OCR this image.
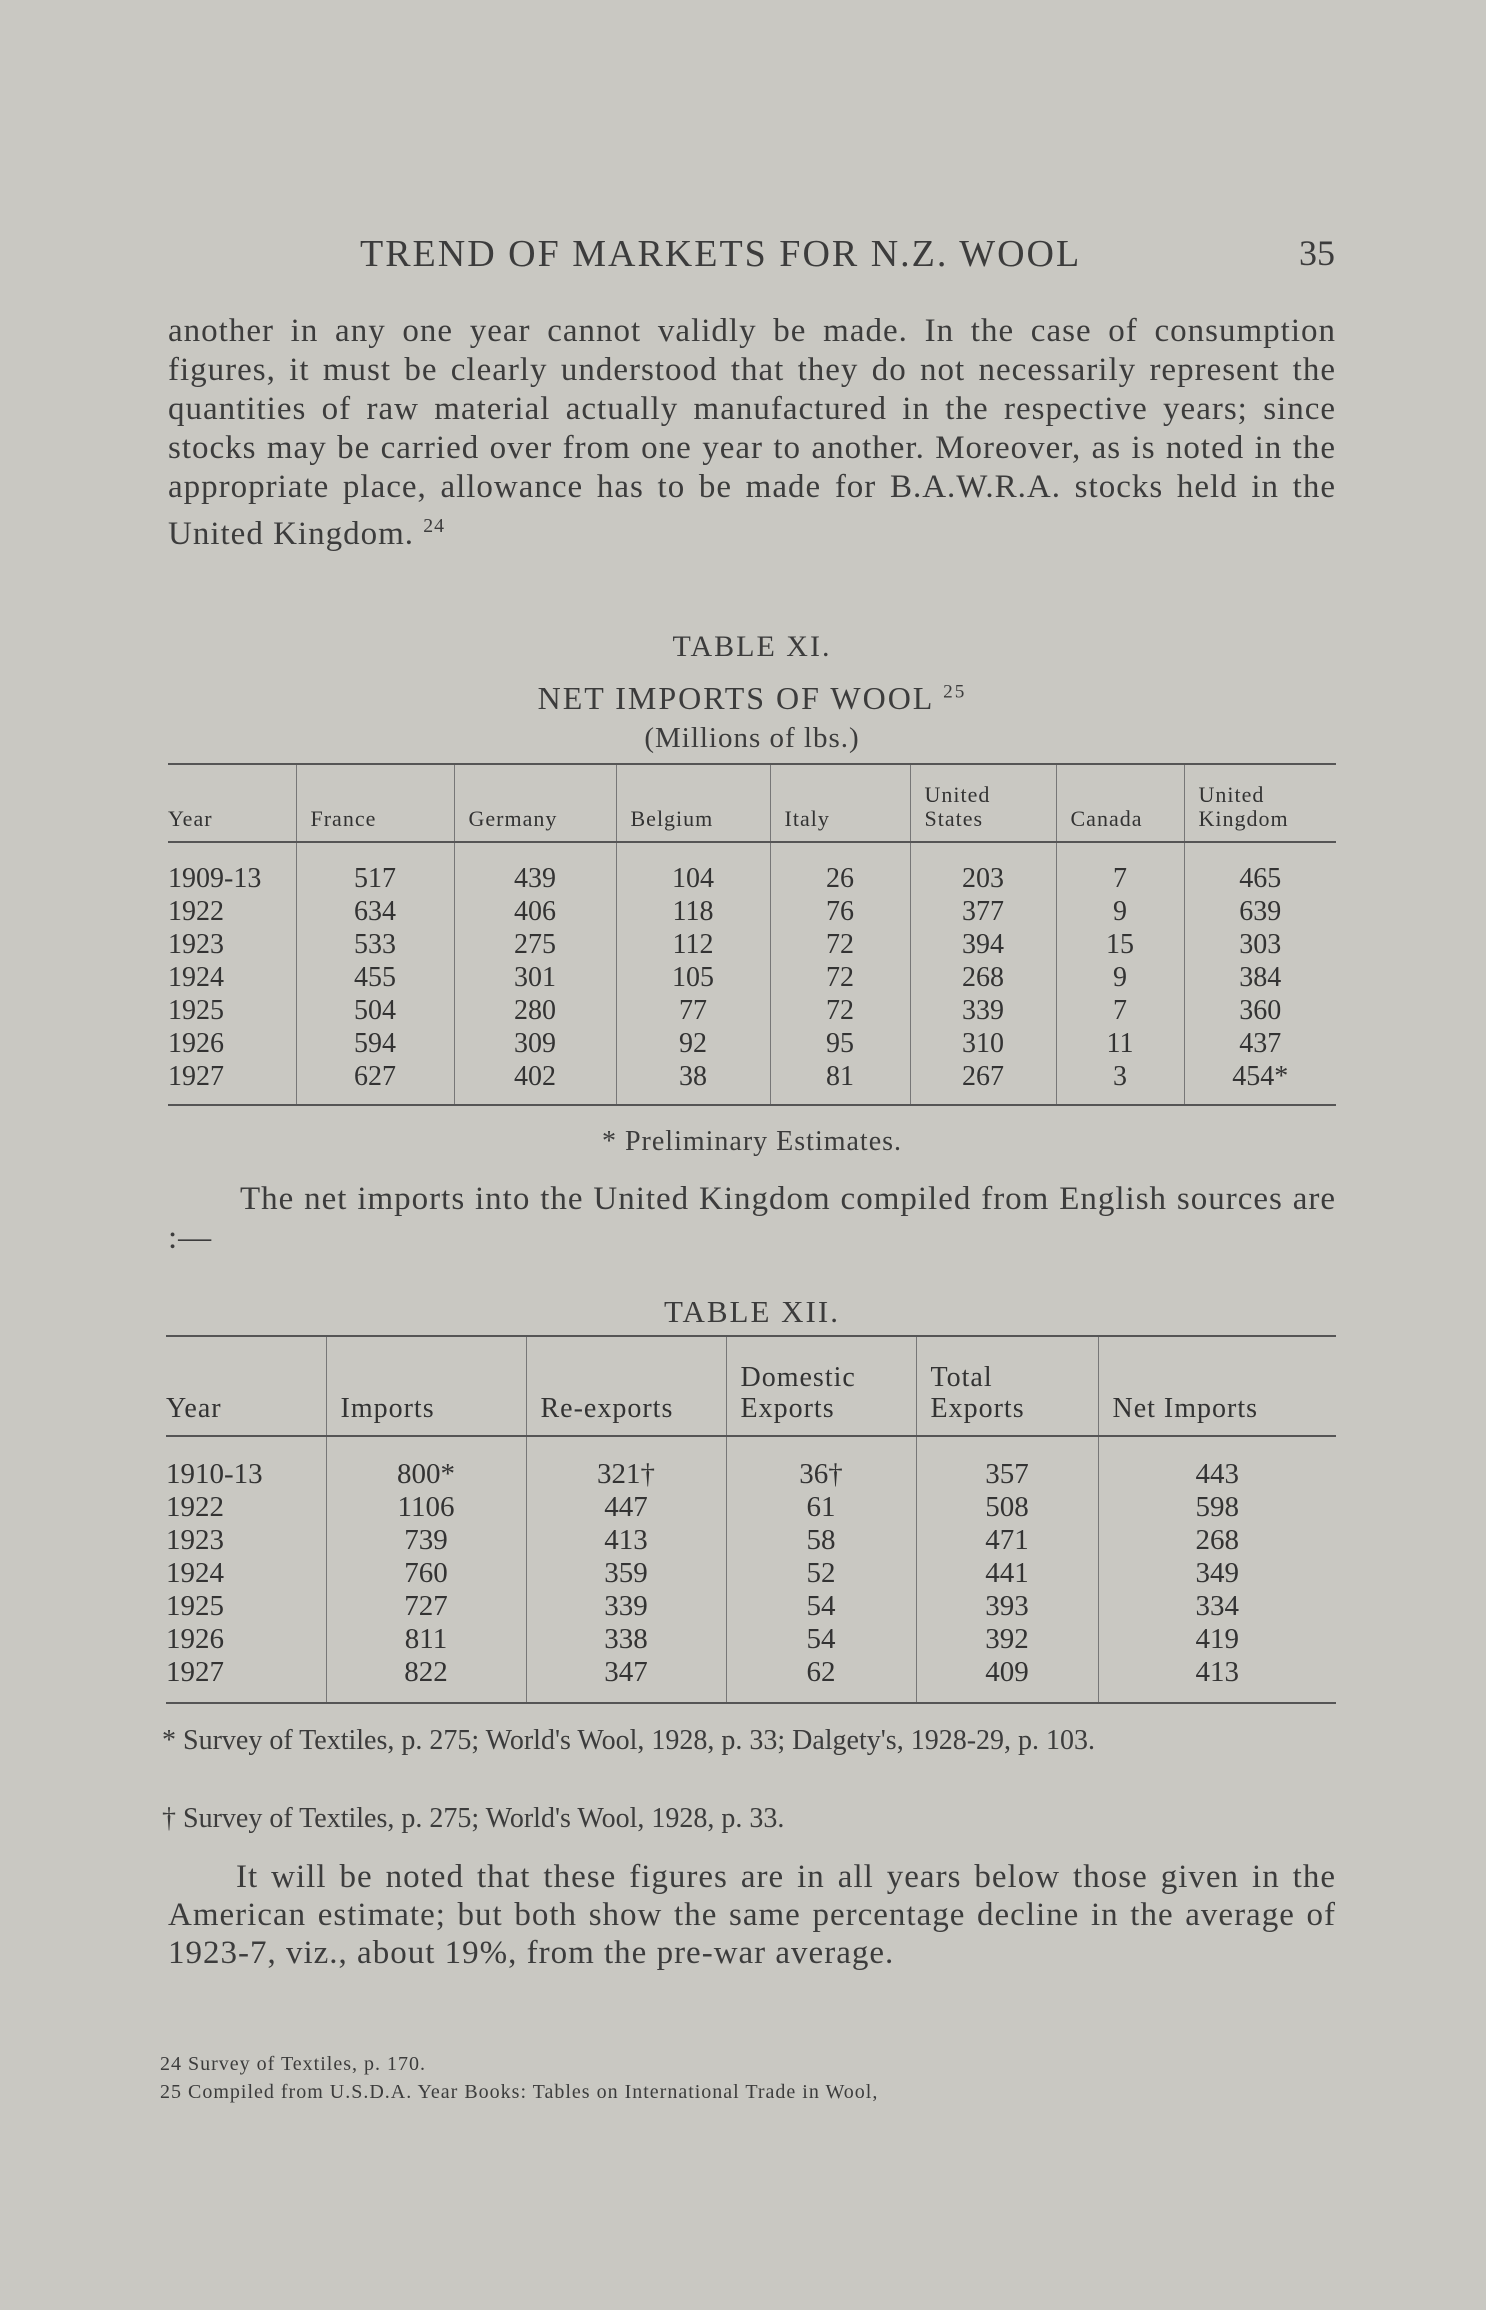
TREND OF MARKETS FOR N.Z. WOOL	35
another in any one year cannot validly be made. In the case of consumption figures, it must be clearly understood that they do not necessarily represent the quantities of raw material actually manufactured in the respective years; since stocks may be carried over from one year to another. Moreover, as is noted in the appropriate place, allowance has to be made for B.A.W.R.A. stocks held in the United Kingdom. $^{24}$
TABLE XI.
NET IMPORTS OF WOOL $^{25}$
(Millions of lbs.)
Year	France	Germany	Belgium	Italy	United States	Canada	United Kingdom
1909-13	517	439	104	26	203	7	465
1922	634	406	118	76	377	9	639
1923	533	275	112	72	394	15	303
1924	455	301	105	72	268	9	384
1925	504	280	77	72	339	7	360
1926	594	309	92	95	310	11	437
1927	627	402	38	81	267	3	454*
* Preliminary Estimates.
The net imports into the United Kingdom compiled from English sources are :—
TABLE XII.
Year	Imports	Re-exports	Domestic Exports	Total Exports	Net Imports
1910-13	800*	321†	36†	357	443
1922	1106	447	61	508	598
1923	739	413	58	471	268
1924	760	359	52	441	349
1925	727	339	54	393	334
1926	811	338	54	392	419
1927	822	347	62	409	413
* Survey of Textiles, p. 275; World's Wool, 1928, p. 33; Dalgety's, 1928-29, p. 103.
† Survey of Textiles, p. 275; World's Wool, 1928, p. 33.
It will be noted that these figures are in all years below those given in the American estimate; but both show the same percentage decline in the average of 1923-7, viz., about 19%, from the pre-war average.
24 Survey of Textiles, p. 170.
25 Compiled from U.S.D.A. Year Books: Tables on International Trade in Wool,
